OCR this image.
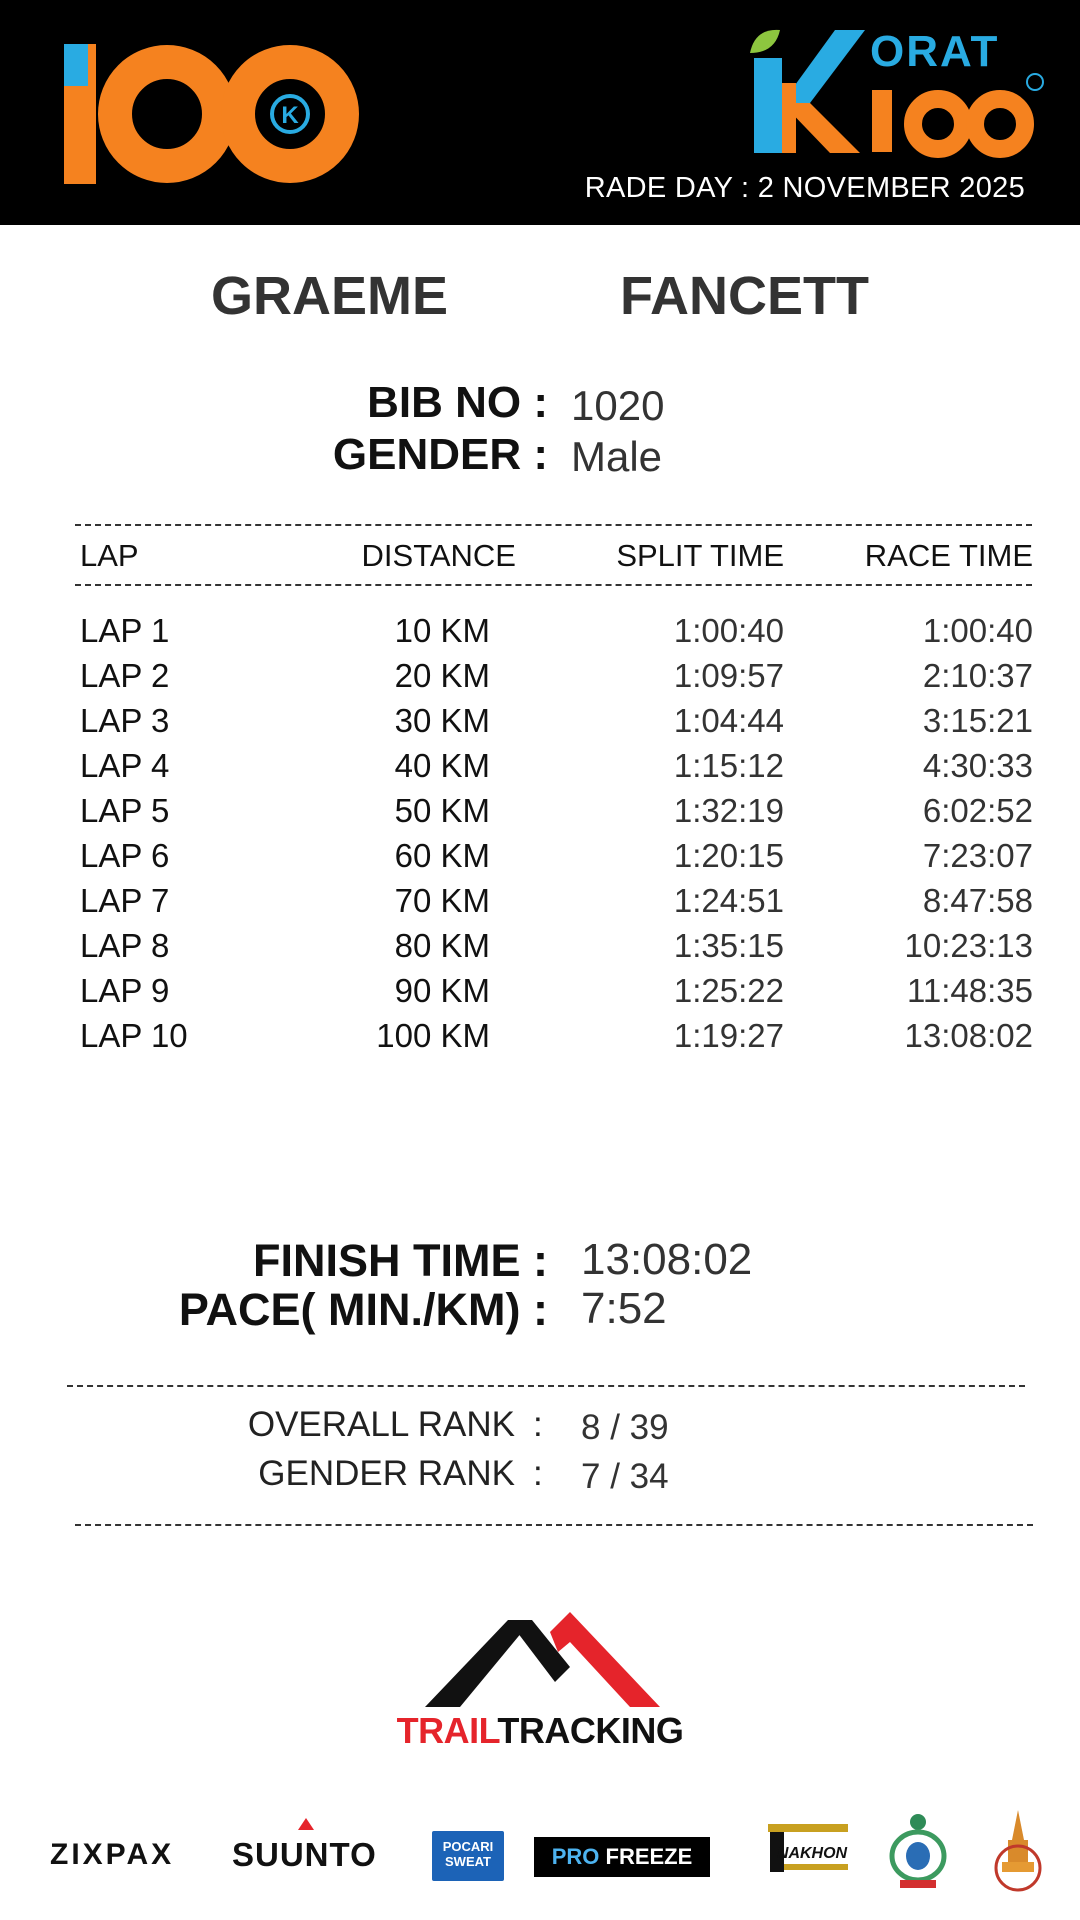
K
ORAT
RADE DAY : 2 NOVEMBER 2025
GRAEME    FANCETT
BIB NO : 1020
GENDER : Male
LAP	DISTANCE	SPLIT TIME	RACE TIME
LAP 1	10 KM	1:00:40	1:00:40
LAP 2	20 KM	1:09:57	2:10:37
LAP 3	30 KM	1:04:44	3:15:21
LAP 4	40 KM	1:15:12	4:30:33
LAP 5	50 KM	1:32:19	6:02:52
LAP 6	60 KM	1:20:15	7:23:07
LAP 7	70 KM	1:24:51	8:47:58
LAP 8	80 KM	1:35:15	10:23:13
LAP 9	90 KM	1:25:22	11:48:35
LAP 10	100 KM	1:19:27	13:08:02
FINISH TIME : 13:08:02
PACE( MIN./KM) : 7:52
OVERALL RANK : 8 / 39
GENDER RANK : 7 / 34
TRAILTRACKING
ZIXPAX SUUNTO	POCARI SWEAT	PRO FREEZE	NAKHON
